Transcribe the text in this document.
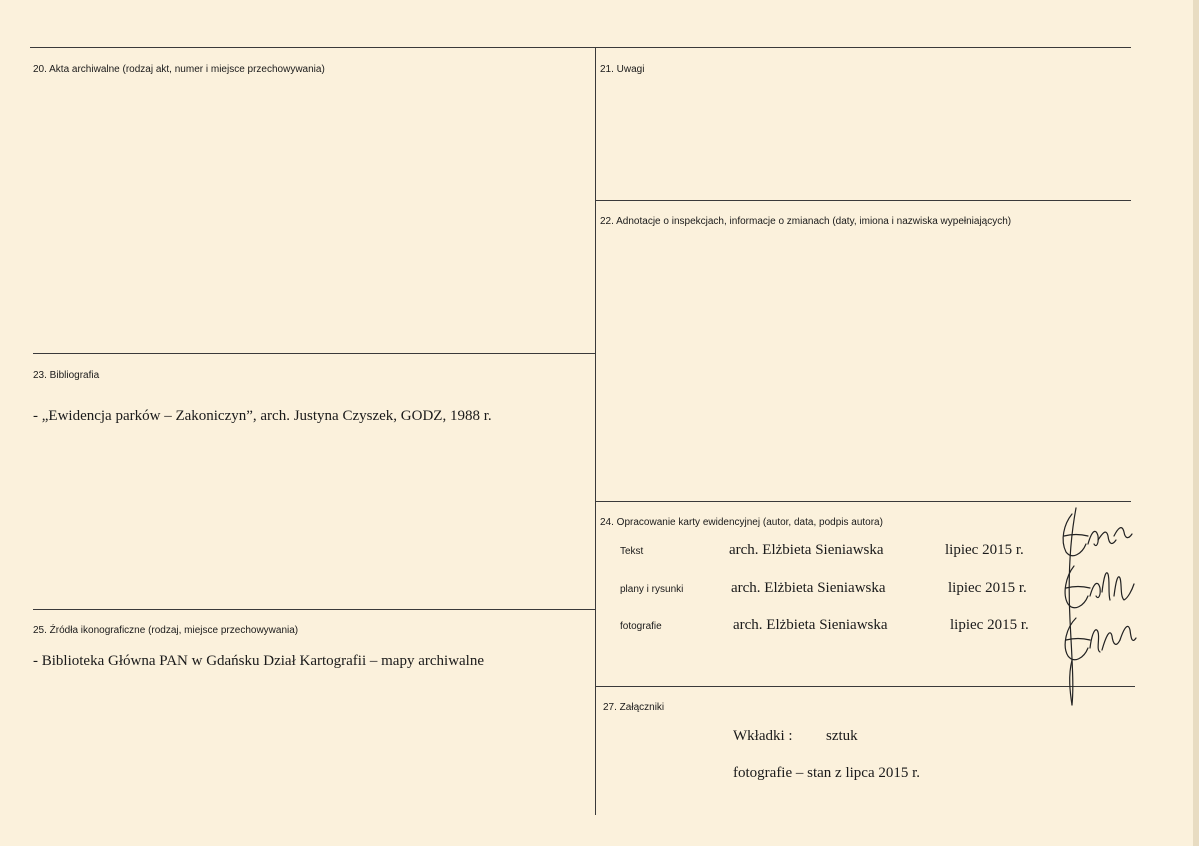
20. Akta archiwalne (rodzaj akt, numer i miejsce przechowywania)	21. Uwagi
22. Adnotacje o inspekcjach, informacje o zmianach (daty, imiona i nazwiska wypełniających)
23. Bibliografia
- „Ewidencja parków – Zakoniczyn”, arch. Justyna Czyszek, GODZ, 1988 r.
24. Opracowanie karty ewidencyjnej (autor, data, podpis autora)
Tekst	arch. Elżbieta Sieniawska	lipiec 2015 r.
plany i rysunki	arch. Elżbieta Sieniawska	lipiec 2015 r.
fotografie	arch. Elżbieta Sieniawska	lipiec 2015 r.
25. Źródła ikonograficzne (rodzaj, miejsce przechowywania)
- Biblioteka Główna PAN w Gdańsku Dział Kartografii – mapy archiwalne
27. Załączniki
Wkładki : sztuk
fotografie – stan z lipca 2015 r.
